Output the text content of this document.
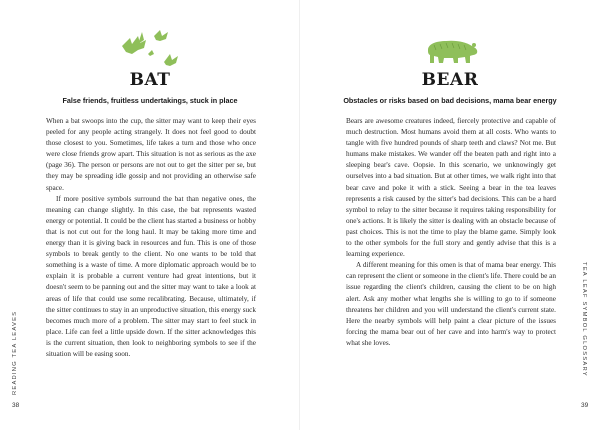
BAT
False friends, fruitless undertakings, stuck in place

When a bat swoops into the cup, the sitter may want to keep their eyes peeled for any people acting strangely. It does not feel good to doubt those closest to you. Sometimes, life takes a turn and those who once were close friends grow apart. This situation is not as serious as the axe (page 36). The person or persons are not out to get the sitter per se, but they may be spreading idle gossip and not providing an otherwise safe space.

If more positive symbols surround the bat than negative ones, the meaning can change slightly. In this case, the bat represents wasted energy or potential. It could be the client has started a business or hobby that is not cut out for the long haul. It may be taking more time and energy than it is giving back in resources and fun. This is one of those symbols to break gently to the client. No one wants to be told that something is a waste of time. A more diplomatic approach would be to explain it is probable a current venture had great intentions, but it doesn't seem to be panning out and the sitter may want to take a look at areas of life that could use some recalibrating. Because, ultimately, if the sitter continues to stay in an unproductive situation, this energy suck becomes much more of a problem. The sitter may start to feel stuck in place. Life can feel a little upside down. If the sitter acknowledges this is the current situation, then look to neighboring symbols to see if the situation will be easing soon.

READING TEA LEAVES
38
BEAR
Obstacles or risks based on bad decisions, mama bear energy

Bears are awesome creatures indeed, fiercely protective and capable of much destruction. Most humans avoid them at all costs. Who wants to tangle with five hundred pounds of sharp teeth and claws? Not me. But humans make mistakes. We wander off the beaten path and right into a sleeping bear's cave. Oopsie. In this scenario, we unknowingly get ourselves into a bad situation. But at other times, we walk right into that bear cave and poke it with a stick. Seeing a bear in the tea leaves represents a risk caused by the sitter's bad decisions. This can be a hard symbol to relay to the sitter because it requires taking responsibility for one's actions. It is likely the sitter is dealing with an obstacle because of past choices. This is not the time to play the blame game. Simply look to the other symbols for the full story and gently advise that this is a learning experience.

A different meaning for this omen is that of mama bear energy. This can represent the client or someone in the client's life. There could be an issue regarding the client's children, causing the client to be on high alert. Ask any mother what lengths she is willing to go to if someone threatens her children and you will understand the client's current state. Here the nearby symbols will help paint a clear picture of the issues forcing the mama bear out of her cave and into harm's way to protect what she loves.

39
TEA LEAF SYMBOL GLOSSARY
